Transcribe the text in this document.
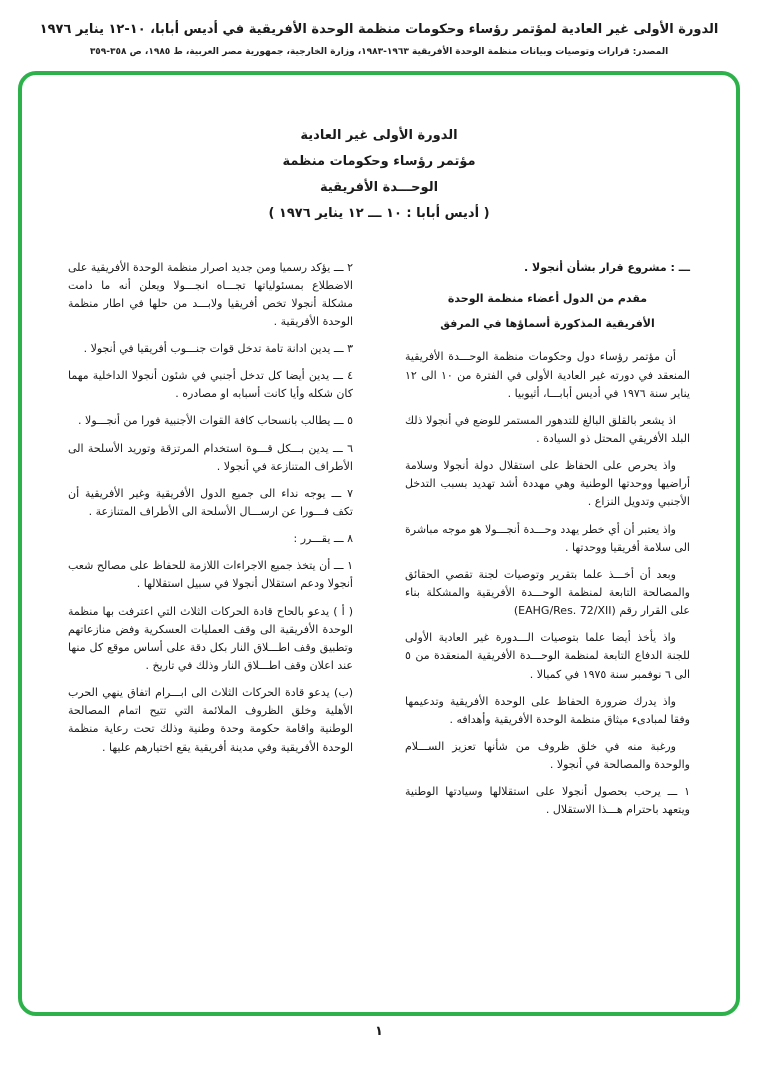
الدورة الأولى غير العادية لمؤتمر رؤساء وحكومات منظمة الوحدة الأفريقية في أديس أبابا، ١٠-١٢ يناير ١٩٧٦
المصدر: قرارات وتوصيات وبيانات منظمة الوحدة الأفريقية ١٩٦٣-١٩٨٣، وزارة الخارجية، جمهورية مصر العربية، ط ١٩٨٥، ص ٣٥٨-٣٥٩
الدورة الأولى غير العادية
مؤتمر رؤساء وحكومات منظمة
الوحـــدة الأفريقية
( أديس أبابا : ١٠ ـــ ١٢ يناير ١٩٧٦ )

ـــ : مشروع قرار بشأن أنجولا .

مقدم من الدول أعضاء منظمة الوحدة

الأفريقية المذكورة أسماؤها في المرفق

أن مؤتمر رؤساء دول وحكومات منظمة الوحـــدة الأفريقية المنعقد في دورته غير العادية الأولى في الفترة من ١٠ الى ١٢ يناير سنة ١٩٧٦ في أديس أبابـــا، أثيوبيا .

اذ يشعر بالقلق البالغ للتدهور المستمر للوضع في أنجولا ذلك البلد الأفريقي المحتل ذو السيادة .

واذ يحرص على الحفاظ على استقلال دولة أنجولا وسلامة أراضيها ووحدتها الوطنية وهي مهددة أشد تهديد بسبب التدخل الأجنبي وتدويل النزاع .

واذ يعتبر أن أي خطر يهدد وحـــدة أنجـــولا هو موجه مباشرة الى سلامة أفريقيا ووحدتها .

وبعد أن أخـــذ علما بتقرير وتوصيات لجنة تقصي الحقائق والمصالحة التابعة لمنظمة الوحـــدة الأفريقية والمشكلة بناء على القرار رقم (EAHG/Res. 72/XII)

واذ يأخذ أيضا علما بتوصيات الـــدورة غير العادية الأولى للجنة الدفاع التابعة لمنظمة الوحـــدة الأفريقية المنعقدة من ٥ الى ٦ نوفمبر سنة ١٩٧٥ في كمبالا .

واذ يدرك ضرورة الحفاظ على الوحدة الأفريقية وتدعيمها وفقا لمبادىء ميثاق منظمة الوحدة الأفريقية وأهدافه .

ورغبة منه في خلق ظروف من شأنها تعزيز الســـلام والوحدة والمصالحة في أنجولا .

١ ـــ يرحب بحصول أنجولا على استقلالها وسيادتها الوطنية ويتعهد باحترام هـــذا الاستقلال .

٢ ـــ يؤكد رسميا ومن جديد اصرار منظمة الوحدة الأفريقية على الاضطلاع بمسئولياتها تجـــاه انجـــولا ويعلن أنه ما دامت مشكلة أنجولا تخص أفريقيا ولابـــد من حلها في اطار منظمة الوحدة الأفريقية .

٣ ـــ يدين ادانة تامة تدخل قوات جنـــوب أفريقيا في أنجولا .

٤ ـــ يدين أيضا كل تدخل أجنبي في شئون أنجولا الداخلية مهما كان شكله وأيا كانت أسبابه او مصادره .

٥ ـــ يطالب بانسحاب كافة القوات الأجنبية فورا من أنجـــولا .

٦ ـــ يدين بـــكل قـــوة استخدام المرتزقة وتوريد الأسلحة الى الأطراف المتنازعة في أنجولا .

٧ ـــ يوجه نداء الى جميع الدول الأفريقية وغير الأفريقية أن تكف فـــورا عن ارســـال الأسلحة الى الأطراف المتنازعة .

٨ ـــ يقـــرر :

١ ـــ أن يتخذ جميع الاجراءات اللازمة للحفاظ على مصالح شعب أنجولا ودعم استقلال أنجولا في سبيل استقلالها .

( أ ) يدعو بالحاح قادة الحركات الثلاث التي اعترفت بها منظمة الوحدة الأفريقية الى وقف العمليات العسكرية وفض منازعاتهم وتطبيق وقف اطـــلاق النار بكل دقة على أساس موقع كل منها عند اعلان وقف اطـــلاق النار وذلك في تاريخ .

(ب) يدعو قادة الحركات الثلاث الى ابـــرام اتفاق ينهي الحرب الأهلية وخلق الظروف الملائمة التي تتيح اتمام المصالحة الوطنية واقامة حكومة وحدة وطنية وذلك تحت رعاية منظمة الوحدة الأفريقية وفي مدينة أفريقية يقع اختيارهم عليها .

١
